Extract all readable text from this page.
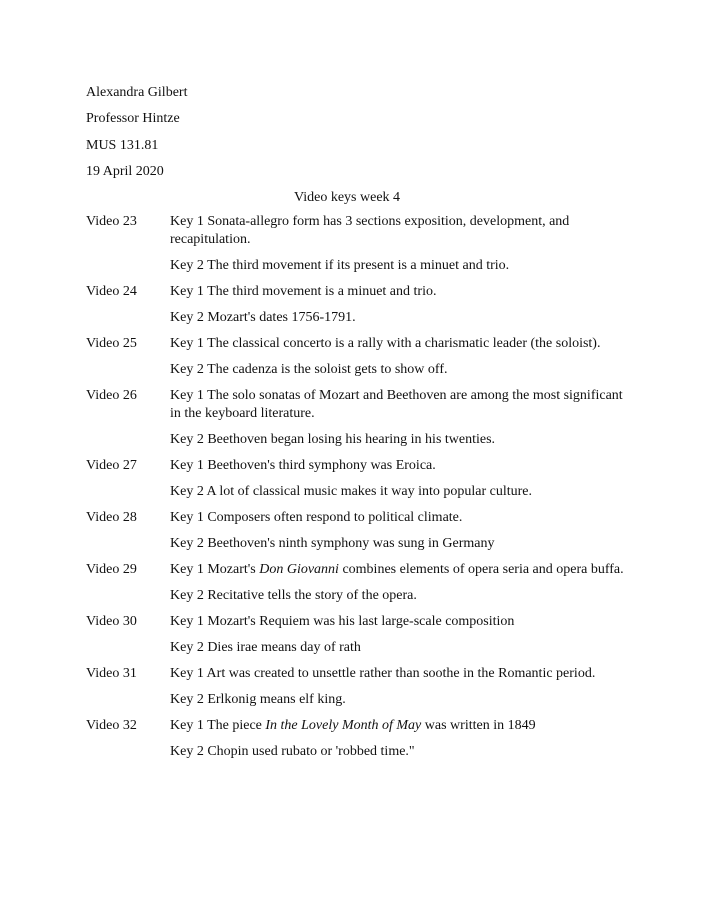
Alexandra Gilbert
Professor Hintze
MUS 131.81
19 April 2020
Video keys week 4
Video 23	Key 1 Sonata-allegro form has 3 sections exposition, development, and recapitulation.
Key 2 The third movement if its present is a minuet and trio.
Video 24	Key 1 The third movement is a minuet and trio.
Key 2 Mozart's dates 1756-1791.
Video 25	Key 1 The classical concerto is a rally with a charismatic leader (the soloist).
Key 2 The cadenza is the soloist gets to show off.
Video 26	Key 1 The solo sonatas of Mozart and Beethoven are among the most significant in the keyboard literature.
Key 2 Beethoven began losing his hearing in his twenties.
Video 27	Key 1 Beethoven's third symphony was Eroica.
Key 2 A lot of classical music makes it way into popular culture.
Video 28	Key 1 Composers often respond to political climate.
Key 2 Beethoven's ninth symphony was sung in Germany
Video 29	Key 1 Mozart's Don Giovanni combines elements of opera seria and opera buffa.
Key 2 Recitative tells the story of the opera.
Video 30	Key 1 Mozart's Requiem was his last large-scale composition
Key 2 Dies irae means day of rath
Video 31	Key 1 Art was created to unsettle rather than soothe in the Romantic period.
Key 2 Erlkonig means elf king.
Video 32	Key 1 The piece In the Lovely Month of May was written in 1849
Key 2 Chopin used rubato or 'robbed time."
